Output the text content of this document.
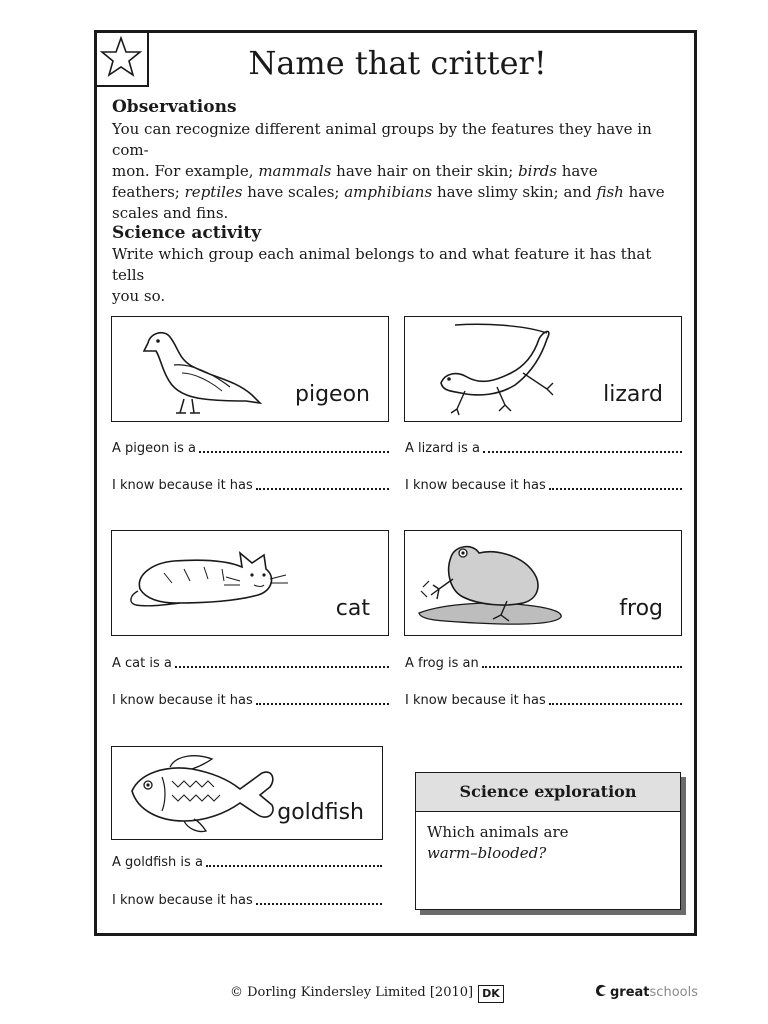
Name that critter!
Observations
You can recognize different animal groups by the features they have in com-
mon. For example, mammals have hair on their skin; birds have
feathers; reptiles have scales; amphibians have slimy skin; and fish have
scales and fins.
Science activity
Write which group each animal belongs to and what feature it has that tells
you so.
pigeon	lizard
A pigeon is a
I know because it has
A lizard is a
I know because it has
cat	frog
A cat is a
I know because it has
A frog is an
I know because it has
goldfish
A goldfish is a
I know because it has
Science exploration
Which animals are
warm–blooded?
© Dorling Kindersley Limited [2010] DK	greatschools
